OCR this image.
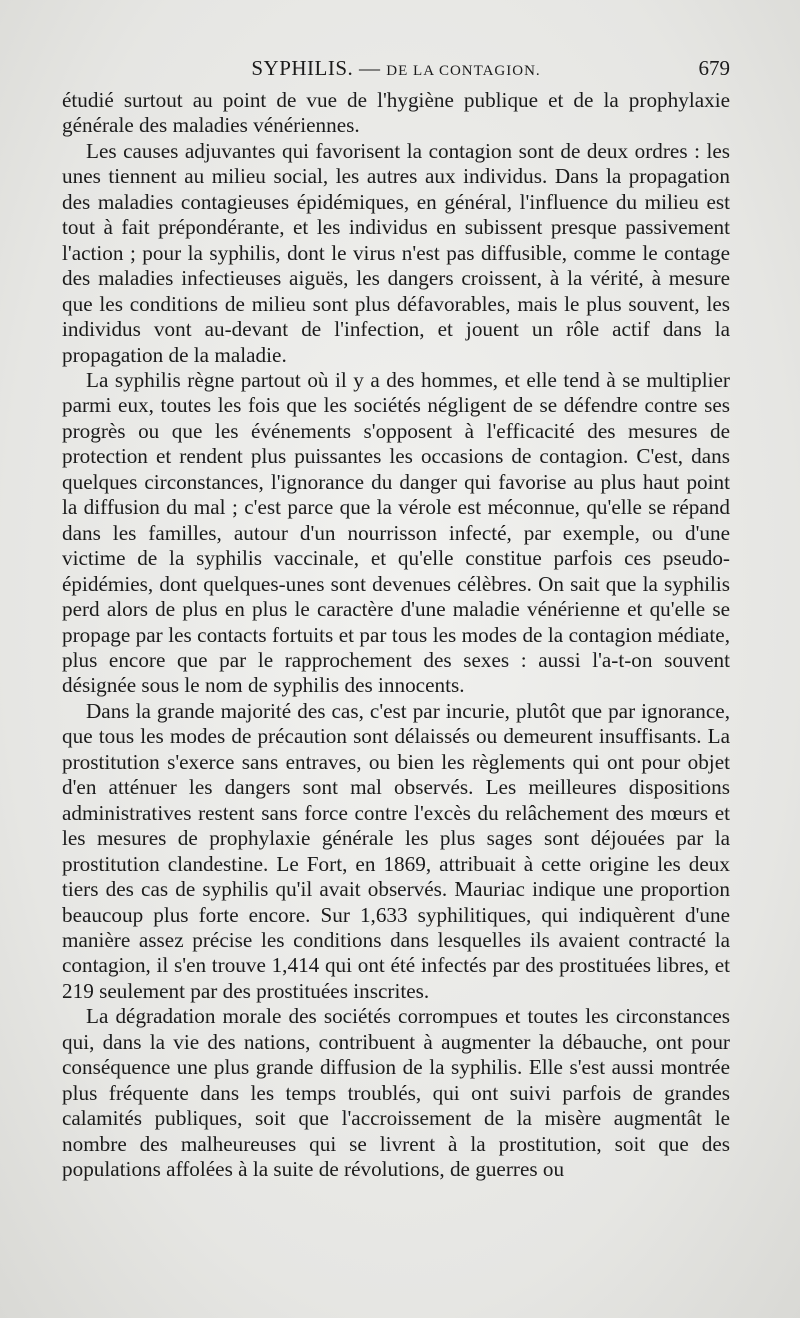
SYPHILIS. — DE LA CONTAGION.	679

étudié surtout au point de vue de l'hygiène publique et de la prophylaxie générale des maladies vénériennes.

Les causes adjuvantes qui favorisent la contagion sont de deux ordres : les unes tiennent au milieu social, les autres aux individus. Dans la propagation des maladies contagieuses épidémiques, en général, l'influence du milieu est tout à fait prépondérante, et les individus en subissent presque passivement l'action ; pour la syphilis, dont le virus n'est pas diffusible, comme le contage des maladies infectieuses aiguës, les dangers croissent, à la vérité, à mesure que les conditions de milieu sont plus défavorables, mais le plus souvent, les individus vont au-devant de l'infection, et jouent un rôle actif dans la propagation de la maladie.

La syphilis règne partout où il y a des hommes, et elle tend à se multiplier parmi eux, toutes les fois que les sociétés négligent de se défendre contre ses progrès ou que les événements s'opposent à l'efficacité des mesures de protection et rendent plus puissantes les occasions de contagion. C'est, dans quelques circonstances, l'ignorance du danger qui favorise au plus haut point la diffusion du mal ; c'est parce que la vérole est méconnue, qu'elle se répand dans les familles, autour d'un nourrisson infecté, par exemple, ou d'une victime de la syphilis vaccinale, et qu'elle constitue parfois ces pseudo-épidémies, dont quelques-unes sont devenues célèbres. On sait que la syphilis perd alors de plus en plus le caractère d'une maladie vénérienne et qu'elle se propage par les contacts fortuits et par tous les modes de la contagion médiate, plus encore que par le rapprochement des sexes : aussi l'a-t-on souvent désignée sous le nom de syphilis des innocents.

Dans la grande majorité des cas, c'est par incurie, plutôt que par ignorance, que tous les modes de précaution sont délaissés ou demeurent insuffisants. La prostitution s'exerce sans entraves, ou bien les règlements qui ont pour objet d'en atténuer les dangers sont mal observés. Les meilleures dispositions administratives restent sans force contre l'excès du relâchement des mœurs et les mesures de prophylaxie générale les plus sages sont déjouées par la prostitution clandestine. Le Fort, en 1869, attribuait à cette origine les deux tiers des cas de syphilis qu'il avait observés. Mauriac indique une proportion beaucoup plus forte encore. Sur 1,633 syphilitiques, qui indiquèrent d'une manière assez précise les conditions dans lesquelles ils avaient contracté la contagion, il s'en trouve 1,414 qui ont été infectés par des prostituées libres, et 219 seulement par des prostituées inscrites.

La dégradation morale des sociétés corrompues et toutes les circonstances qui, dans la vie des nations, contribuent à augmenter la débauche, ont pour conséquence une plus grande diffusion de la syphilis. Elle s'est aussi montrée plus fréquente dans les temps troublés, qui ont suivi parfois de grandes calamités publiques, soit que l'accroissement de la misère augmentât le nombre des malheureuses qui se livrent à la prostitution, soit que des populations affolées à la suite de révolutions, de guerres ou
